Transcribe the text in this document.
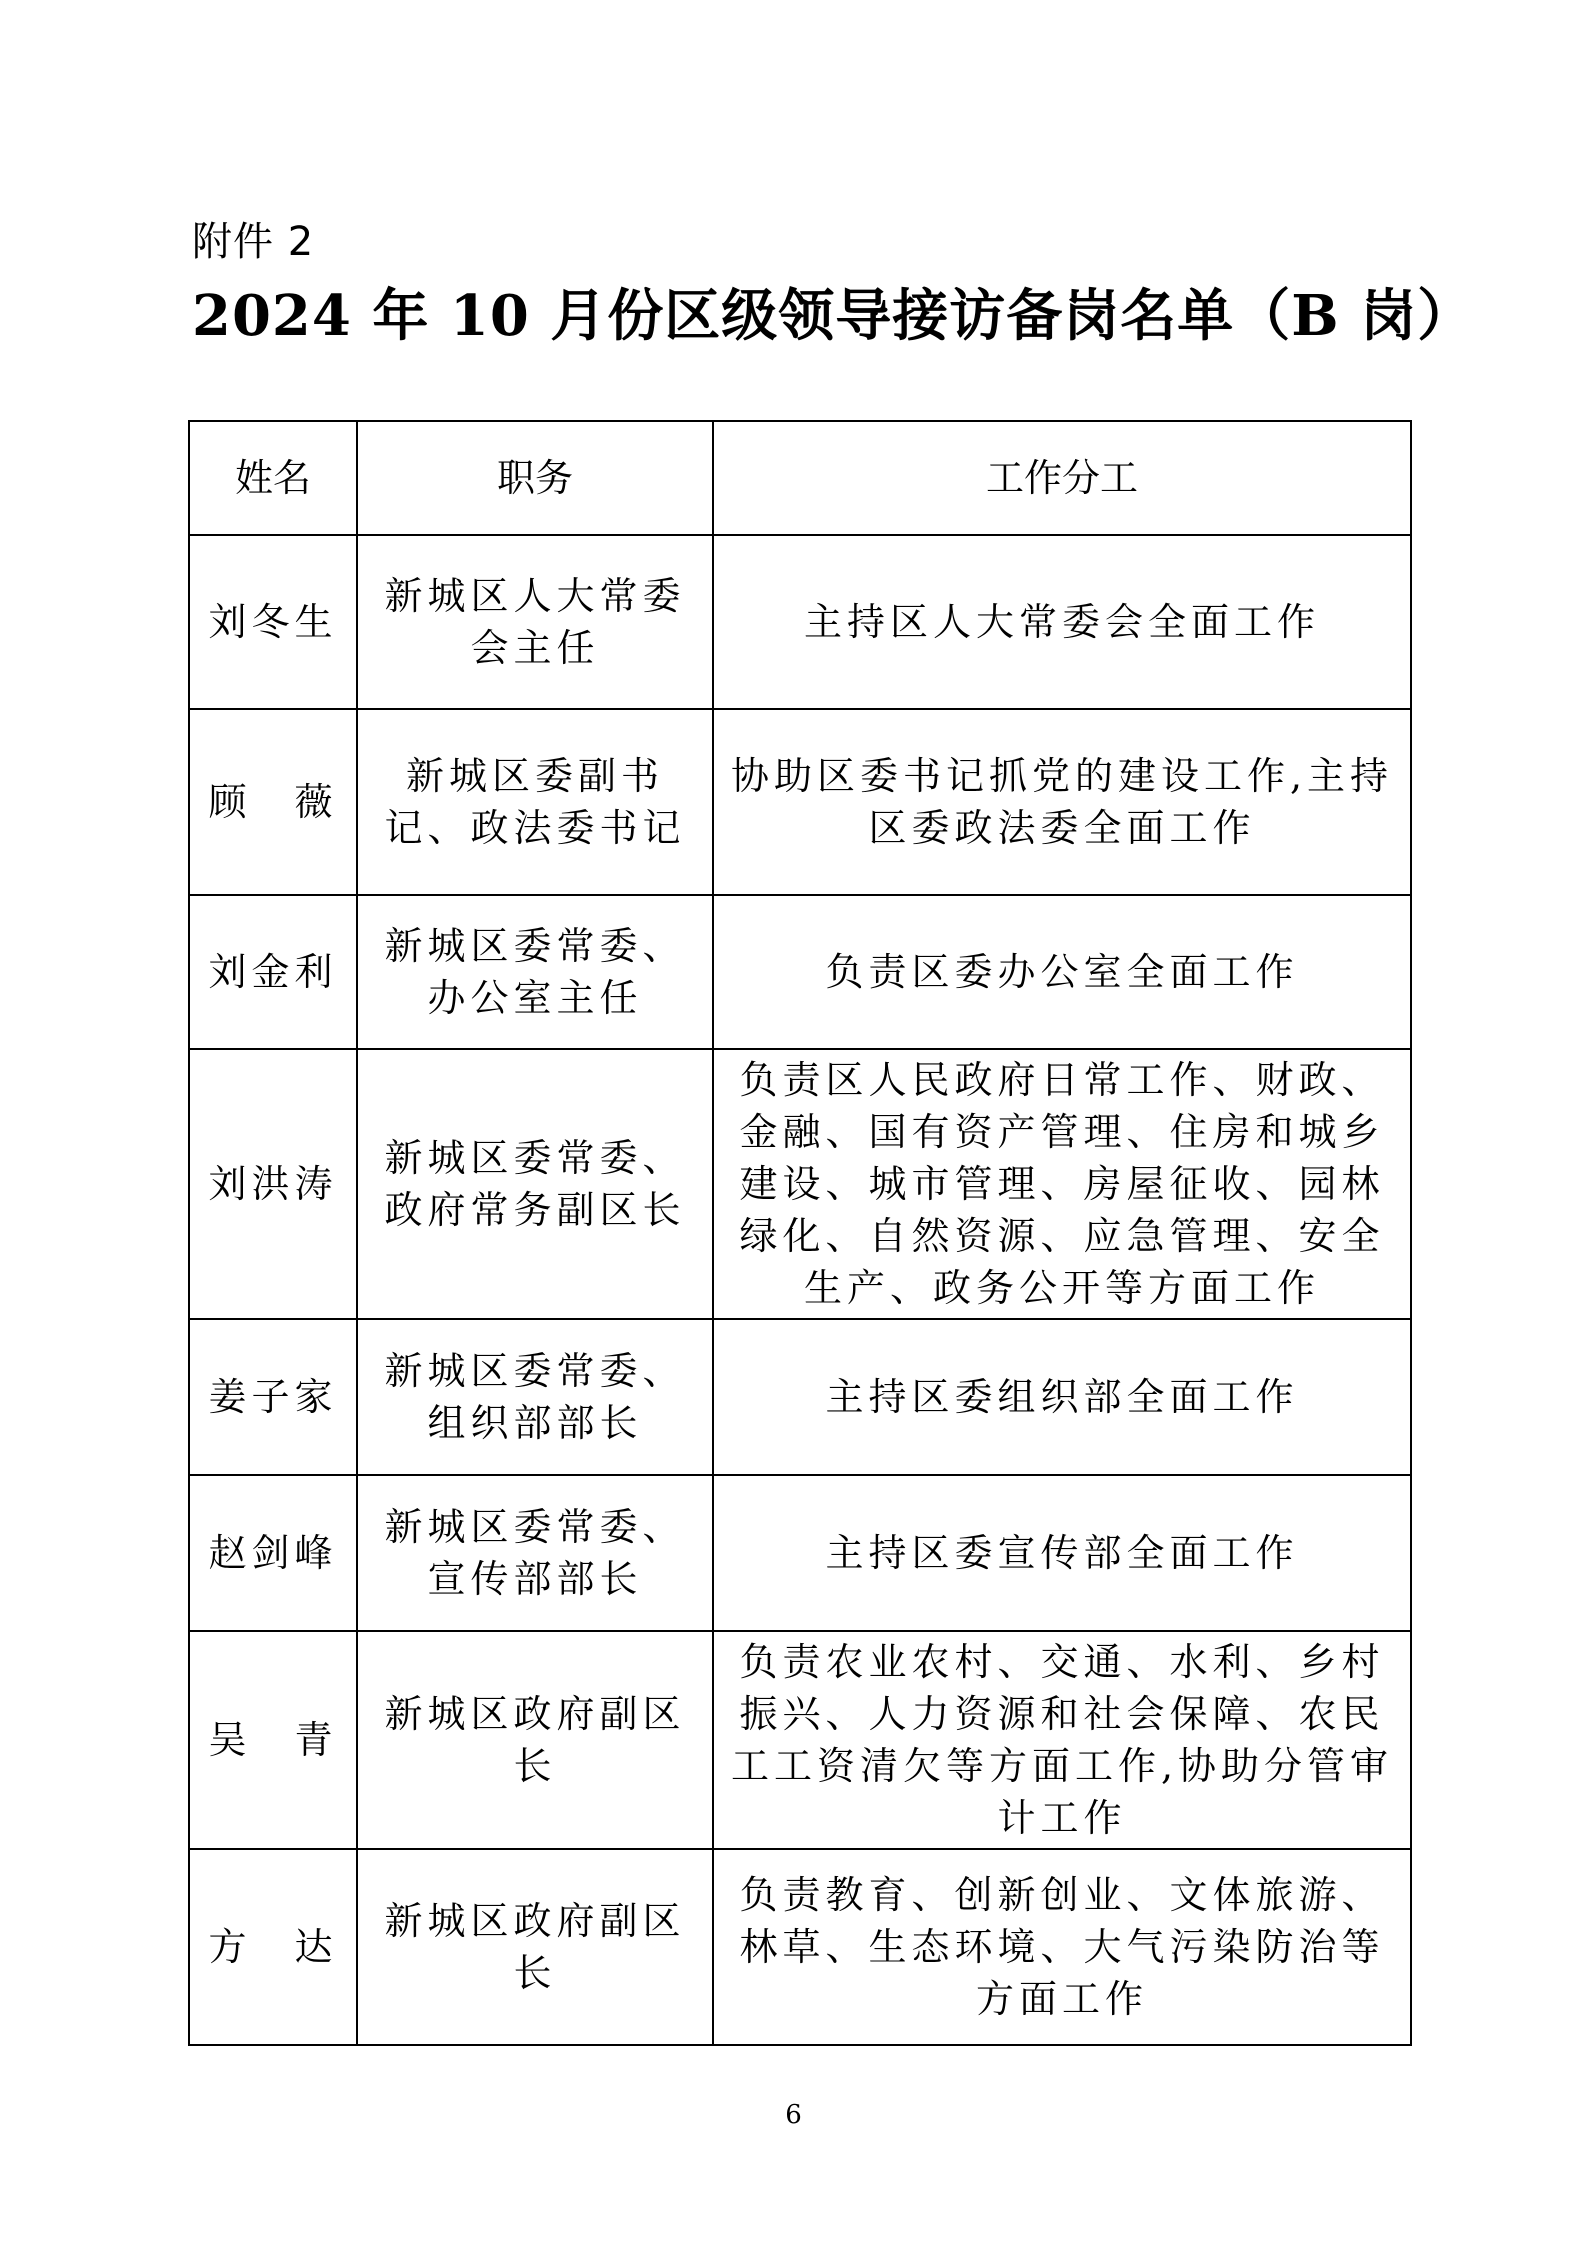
附件 2
2024 年 10 月份区级领导接访备岗名单（B 岗）
姓名	职务	工作分工
刘冬生	新城区人大常委会主任	主持区人大常委会全面工作
顾　薇	新城区委副书记、政法委书记	协助区委书记抓党的建设工作,主持区委政法委全面工作
刘金利	新城区委常委、办公室主任	负责区委办公室全面工作
刘洪涛	新城区委常委、政府常务副区长	负责区人民政府日常工作、财政、金融、国有资产管理、住房和城乡建设、城市管理、房屋征收、园林绿化、自然资源、应急管理、安全生产、政务公开等方面工作
姜子家	新城区委常委、组织部部长	主持区委组织部全面工作
赵剑峰	新城区委常委、宣传部部长	主持区委宣传部全面工作
吴　青	新城区政府副区长	负责农业农村、交通、水利、乡村振兴、人力资源和社会保障、农民工工资清欠等方面工作,协助分管审计工作
方　达	新城区政府副区长	负责教育、创新创业、文体旅游、林草、生态环境、大气污染防治等方面工作
6
